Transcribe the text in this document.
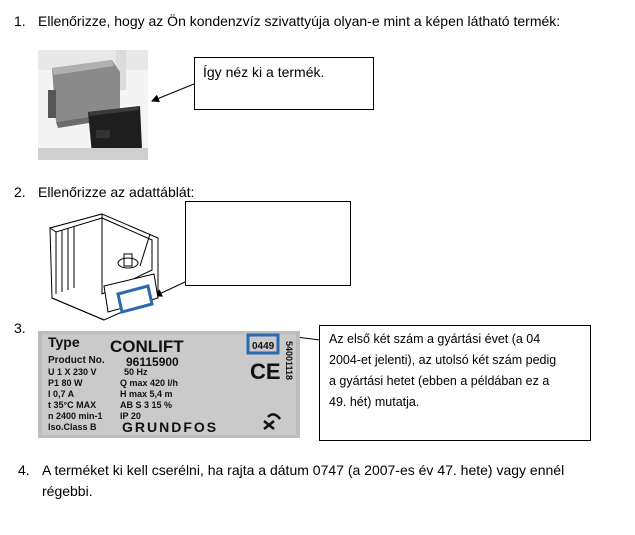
1. Ellenőrizze, hogy az Ön kondenzvíz szivattyúja olyan-e mint a képen látható termék:
Így néz ki a termék.
2. Ellenőrizze az adattáblát:
3.
Type CONLIFT
Product No. 96115900
U 1 X 230 V	50 Hz
P1 80 W	Q max 420 l/h
I 0,7 A	H max 5,4 m
t 35°C MAX	AB S 3 15 %
n 2400 min-1 IP 20
Iso.Class B GRUNDFOS
0449 54001118
CE
Az első két szám a gyártási évet (a 04
2004-et jelenti), az utolsó két szám pedig
a gyártási hetet (ebben a példában ez a
49. hét) mutatja.
4. A terméket ki kell cserélni, ha rajta a dátum 0747 (a 2007-es év 47. hete) vagy ennél
régebbi.
